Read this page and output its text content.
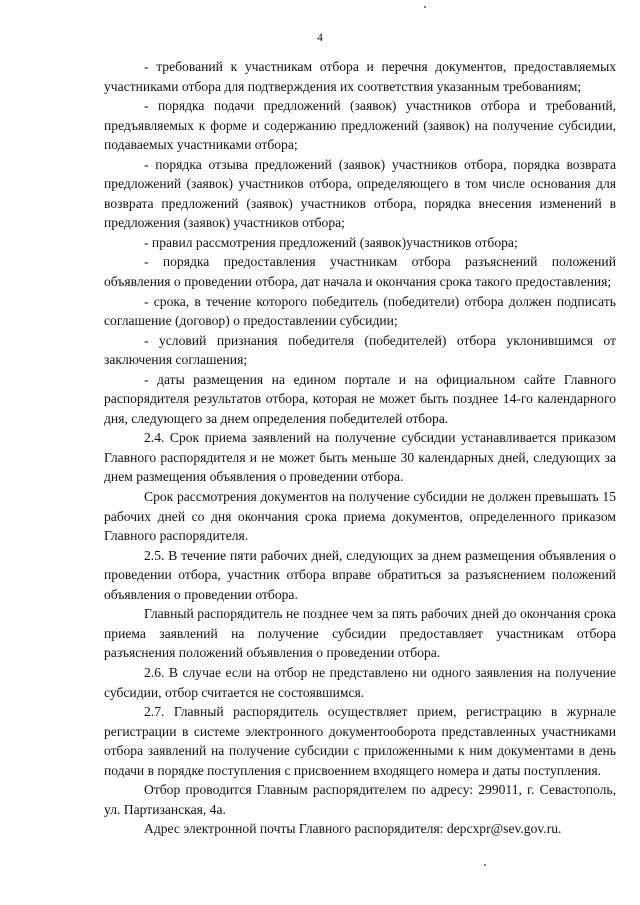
4

- требований к участникам отбора и перечня документов, предоставляемых участниками отбора для подтверждения их соответствия указанным требованиям;

- порядка подачи предложений (заявок) участников отбора и требований, предъявляемых к форме и содержанию предложений (заявок) на получение субсидии, подаваемых участниками отбора;

- порядка отзыва предложений (заявок) участников отбора, порядка возврата предложений (заявок) участников отбора, определяющего в том числе основания для возврата предложений (заявок) участников отбора, порядка внесения изменений в предложения (заявок) участников отбора;

- правил рассмотрения предложений (заявок)участников отбора;

- порядка предоставления участникам отбора разъяснений положений объявления о проведении отбора, дат начала и окончания срока такого предоставления;

- срока, в течение которого победитель (победители) отбора должен подписать соглашение (договор) о предоставлении субсидии;

- условий признания победителя (победителей) отбора уклонившимся от заключения соглашения;

- даты размещения на едином портале и на официальном сайте Главного распорядителя результатов отбора, которая не может быть позднее 14-го календарного дня, следующего за днем определения победителей отбора.

2.4. Срок приема заявлений на получение субсидии устанавливается приказом Главного распорядителя и не может быть меньше 30 календарных дней, следующих за днем размещения объявления о проведении отбора.

Срок рассмотрения документов на получение субсидии не должен превышать 15 рабочих дней со дня окончания срока приема документов, определенного приказом Главного распорядителя.

2.5. В течение пяти рабочих дней, следующих за днем размещения объявления о проведении отбора, участник отбора вправе обратиться за разъяснением положений объявления о проведении отбора.

Главный распорядитель не позднее чем за пять рабочих дней до окончания срока приема заявлений на получение субсидии предоставляет участникам отбора разъяснения положений объявления о проведении отбора.

2.6. В случае если на отбор не представлено ни одного заявления на получение субсидии, отбор считается не состоявшимся.

2.7. Главный распорядитель осуществляет прием, регистрацию в журнале регистрации в системе электронного документооборота представленных участниками отбора заявлений на получение субсидии с приложенными к ним документами в день подачи в порядке поступления с присвоением входящего номера и даты поступления.

Отбор проводится Главным распорядителем по адресу: 299011, г. Севастополь, ул. Партизанская, 4а.

Адрес электронной почты Главного распорядителя: depcxpr@sev.gov.ru.
